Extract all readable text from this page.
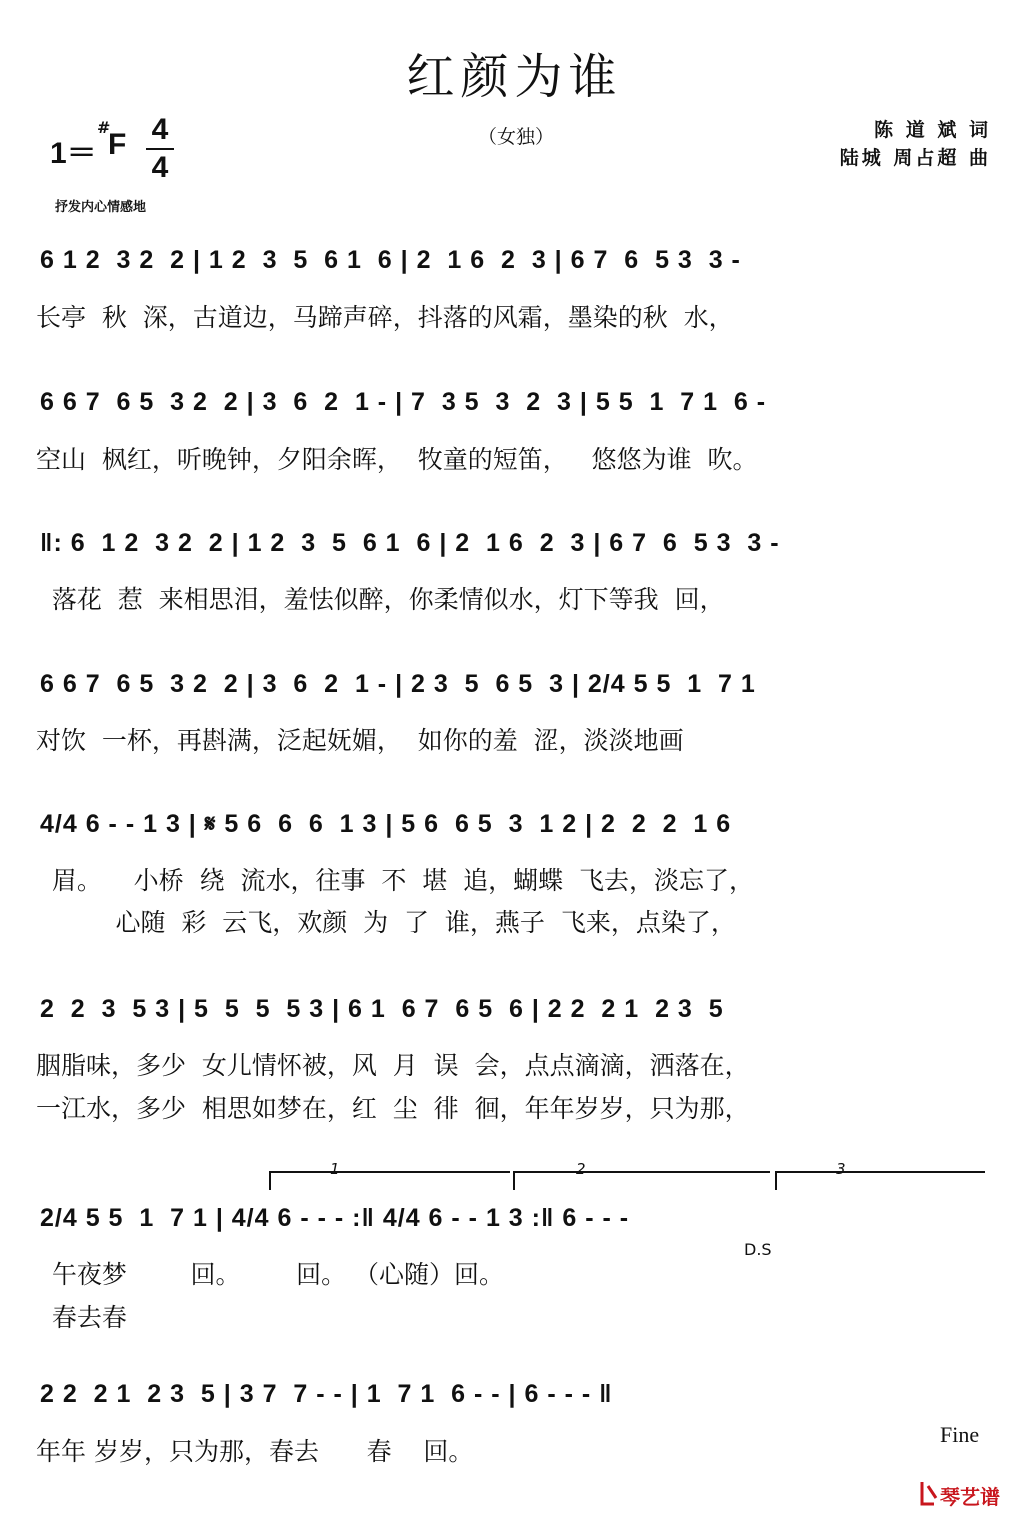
红颜为谁
1＝ F
# 4
4
（女独）	陈 道 斌 词
陆城 周占超 曲
抒发内心情感地
6 1 2  3 2  2 | 1 2  3  5  6 1  6 | 2  1 6  2  3 | 6 7  6  5 3  3 -
长亭  秋  深，古道边，马蹄声碎，抖落的风霜，墨染的秋  水，
6 6 7  6 5  3 2  2 | 3  6  2  1 - | 7  3 5  3  2  3 | 5 5  1  7 1  6 -
空山  枫红，听晚钟，夕阳余晖，  牧童的短笛，   悠悠为谁  吹。
‖: 6  1 2  3 2  2 | 1 2  3  5  6 1  6 | 2  1 6  2  3 | 6 7  6  5 3  3 -
落花  惹  来相思泪，羞怯似醉，你柔情似水，灯下等我  回，
6 6 7  6 5  3 2  2 | 3  6  2  1 - | 2 3  5  6 5  3 | 2/4 5 5  1  7 1
对饮  一杯，再斟满，泛起妩媚，  如你的羞  涩，淡淡地画
4/4 6 - - 1 3 | 𝄋 5 6  6  6  1 3 | 5 6  6 5  3  1 2 | 2  2  2  1 6
眉。    小桥  绕  流水，往事  不  堪  追，蝴蝶  飞去，淡忘了，
心随  彩  云飞，欢颜  为  了  谁，燕子  飞来，点染了，
2  2  3  5 3 | 5  5  5  5 3 | 6 1  6 7  6 5  6 | 2 2  2 1  2 3  5
胭脂味，多少  女儿情怀被，风  月  误  会，点点滴滴，洒落在，
一江水，多少  相思如梦在，红  尘  徘  徊，年年岁岁，只为那，
2/4 5 5  1  7 1 | 4/4 6 - - - :‖ 4/4 6 - - 1 3 :‖ 6 - - -
1	2	3
D.S
午夜梦        回。       回。 （心随）回。
春去春
2 2  2 1  2 3  5 | 3 7  7 - - | 1  7 1  6 - - | 6 - - - ‖
年年 岁岁，只为那，春去      春    回。
Fine
琴艺谱
